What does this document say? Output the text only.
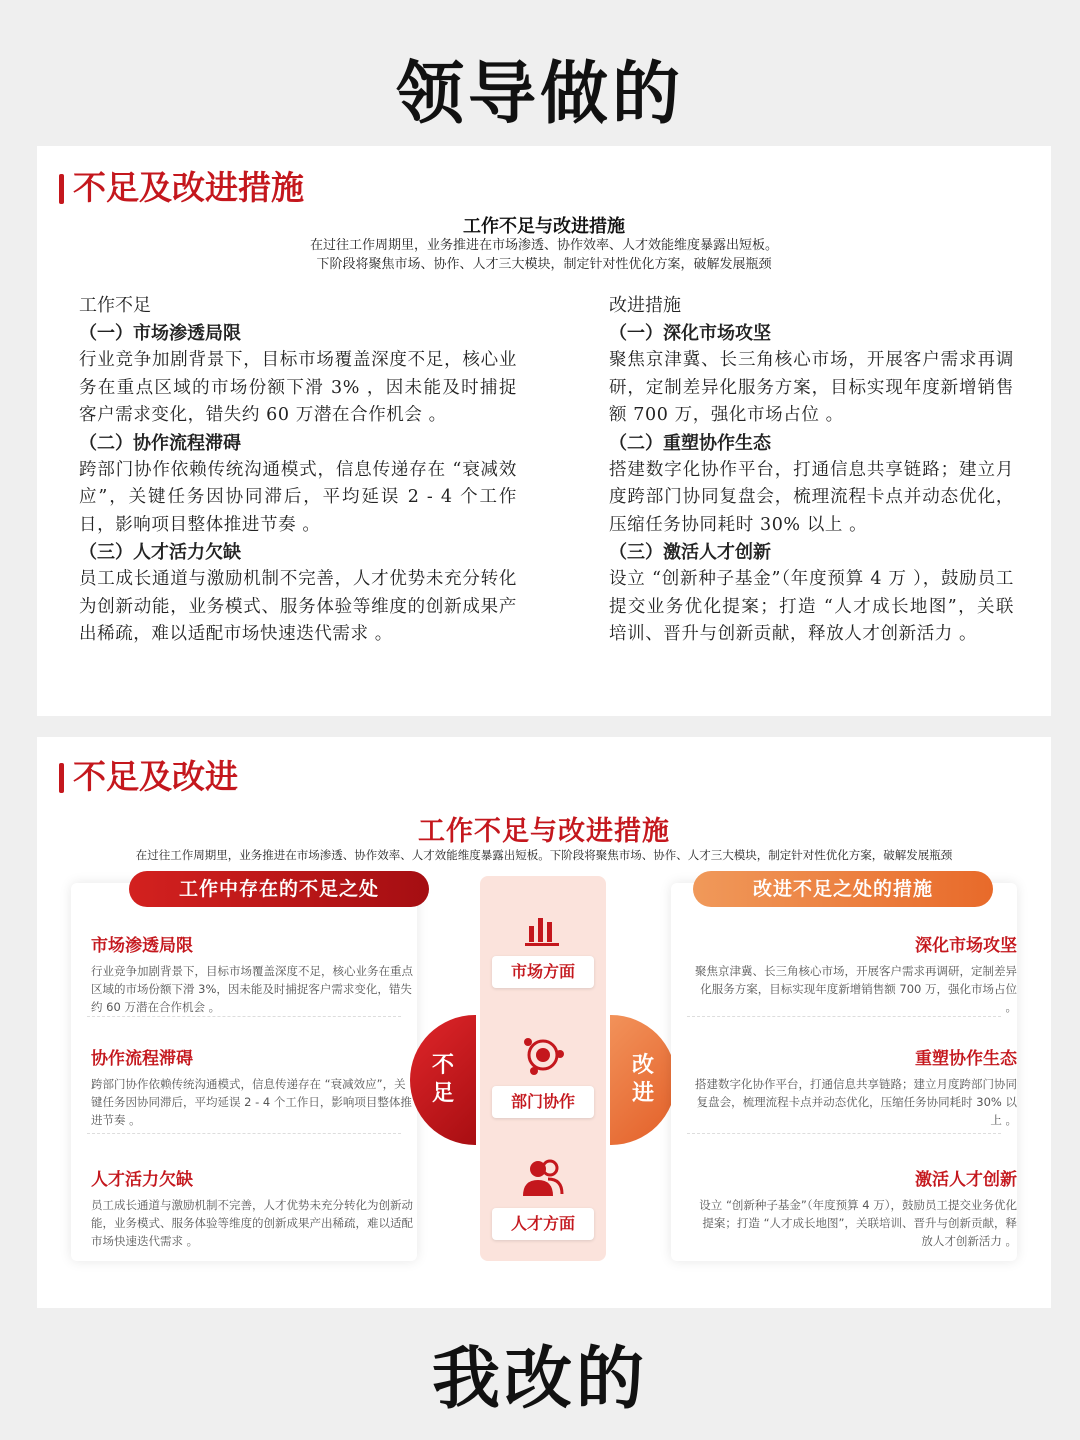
领导做的
不足及改进措施
工作不足与改进措施
在过往工作周期里，业务推进在市场渗透、协作效率、人才效能维度暴露出短板。
下阶段将聚焦市场、协作、人才三大模块，制定针对性优化方案，破解发展瓶颈
工作不足
（一）市场渗透局限
行业竞争加剧背景下，目标市场覆盖深度不足，核心业务在重点区域的市场份额下滑 3% ，因未能及时捕捉客户需求变化，错失约 60 万潜在合作机会 。
（二）协作流程滞碍
跨部门协作依赖传统沟通模式，信息传递存在 “衰减效应”，关键任务因协同滞后，平均延误 2 - 4 个工作日，影响项目整体推进节奏 。
（三）人才活力欠缺
员工成长通道与激励机制不完善，人才优势未充分转化为创新动能，业务模式、服务体验等维度的创新成果产出稀疏，难以适配市场快速迭代需求 。
改进措施
（一）深化市场攻坚
聚焦京津冀、长三角核心市场，开展客户需求再调研，定制差异化服务方案，目标实现年度新增销售额 700 万，强化市场占位 。
（二）重塑协作生态
搭建数字化协作平台，打通信息共享链路；建立月度跨部门协同复盘会，梳理流程卡点并动态优化，压缩任务协同耗时 30% 以上 。
（三）激活人才创新
设立 “创新种子基金”（年度预算 4 万 ），鼓励员工提交业务优化提案；打造 “人才成长地图”，关联培训、晋升与创新贡献，释放人才创新活力 。
不足及改进
工作不足与改进措施
在过往工作周期里，业务推进在市场渗透、协作效率、人才效能维度暴露出短板。下阶段将聚焦市场、协作、人才三大模块，制定针对性优化方案，破解发展瓶颈
工作中存在的不足之处
市场渗透局限
行业竞争加剧背景下，目标市场覆盖深度不足，核心业务在重点区域的市场份额下滑 3%，因未能及时捕捉客户需求变化，错失约 60 万潜在合作机会 。
协作流程滞碍
跨部门协作依赖传统沟通模式，信息传递存在 “衰减效应”，关键任务因协同滞后，平均延误 2 - 4 个工作日，影响项目整体推进节奏 。
人才活力欠缺
员工成长通道与激励机制不完善，人才优势未充分转化为创新动能，业务模式、服务体验等维度的创新成果产出稀疏，难以适配市场快速迭代需求 。
市场方面
部门协作
人才方面
不
足
改
进
改进不足之处的措施
深化市场攻坚
聚焦京津冀、长三角核心市场，开展客户需求再调研，定制差异化服务方案，目标实现年度新增销售额 700 万，强化市场占位 。
重塑协作生态
搭建数字化协作平台，打通信息共享链路；建立月度跨部门协同复盘会，梳理流程卡点并动态优化，压缩任务协同耗时 30% 以上 。
激活人才创新
设立 “创新种子基金”（年度预算 4 万），鼓励员工提交业务优化提案；打造 “人才成长地图”，关联培训、晋升与创新贡献，释放人才创新活力 。
我改的
